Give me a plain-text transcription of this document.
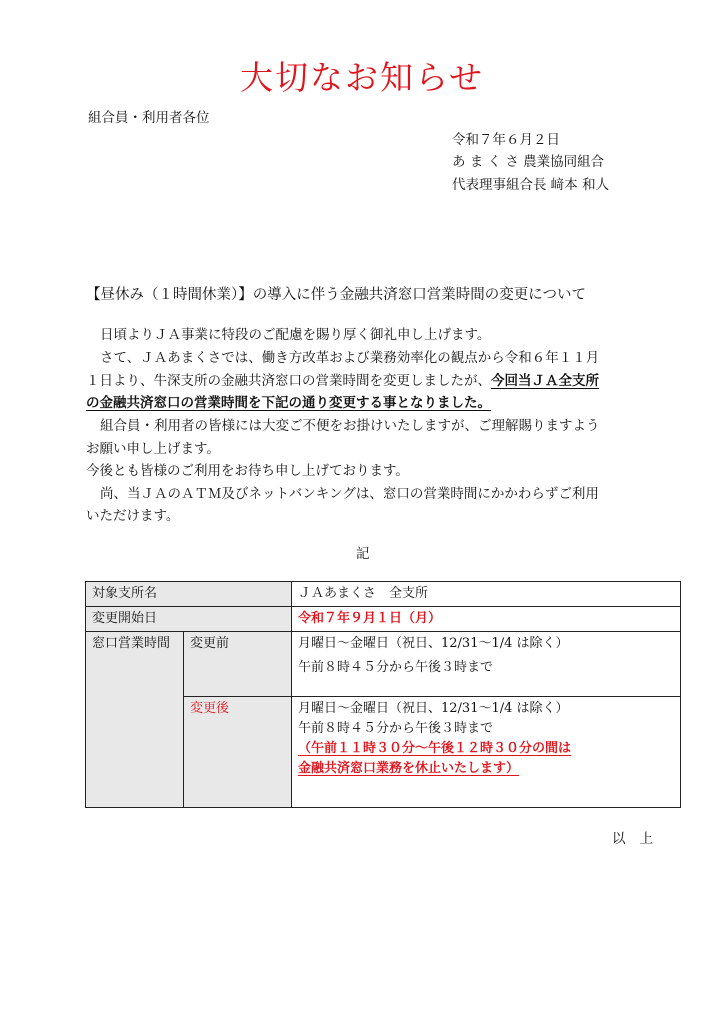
大切なお知らせ
組合員・利用者各位
令和７年６月２日
あ ま く さ 農業協同組合
代表理事組合長 﨑本 和人
【昼休み（１時間休業）】の導入に伴う金融共済窓口営業時間の変更について
日頃よりＪＡ事業に特段のご配慮を賜り厚く御礼申し上げます。
さて、ＪＡあまくさでは、働き方改革および業務効率化の観点から令和６年１１月
１日より、牛深支所の金融共済窓口の営業時間を変更しましたが、今回当ＪＡ全支所
の金融共済窓口の営業時間を下記の通り変更する事となりました。
組合員・利用者の皆様には大変ご不便をお掛けいたしますが、ご理解賜りますよう
お願い申し上げます。
今後とも皆様のご利用をお待ち申し上げております。
尚、当ＪＡのＡＴＭ及びネットバンキングは、窓口の営業時間にかかわらずご利用
いただけます。
記
対象支所名		ＪＡあまくさ　全支所
変更開始日		令和７年９月１日（月）
窓口営業時間	変更前	月曜日～金曜日（祝日、12/31～1/4 は除く）
午前８時４５分から午後３時まで

	変更後	月曜日～金曜日（祝日、12/31～1/4 は除く）
午前８時４５分から午後３時まで
（午前１１時３０分～午後１２時３０分の間は
金融共済窓口業務を休止いたします）
以上
